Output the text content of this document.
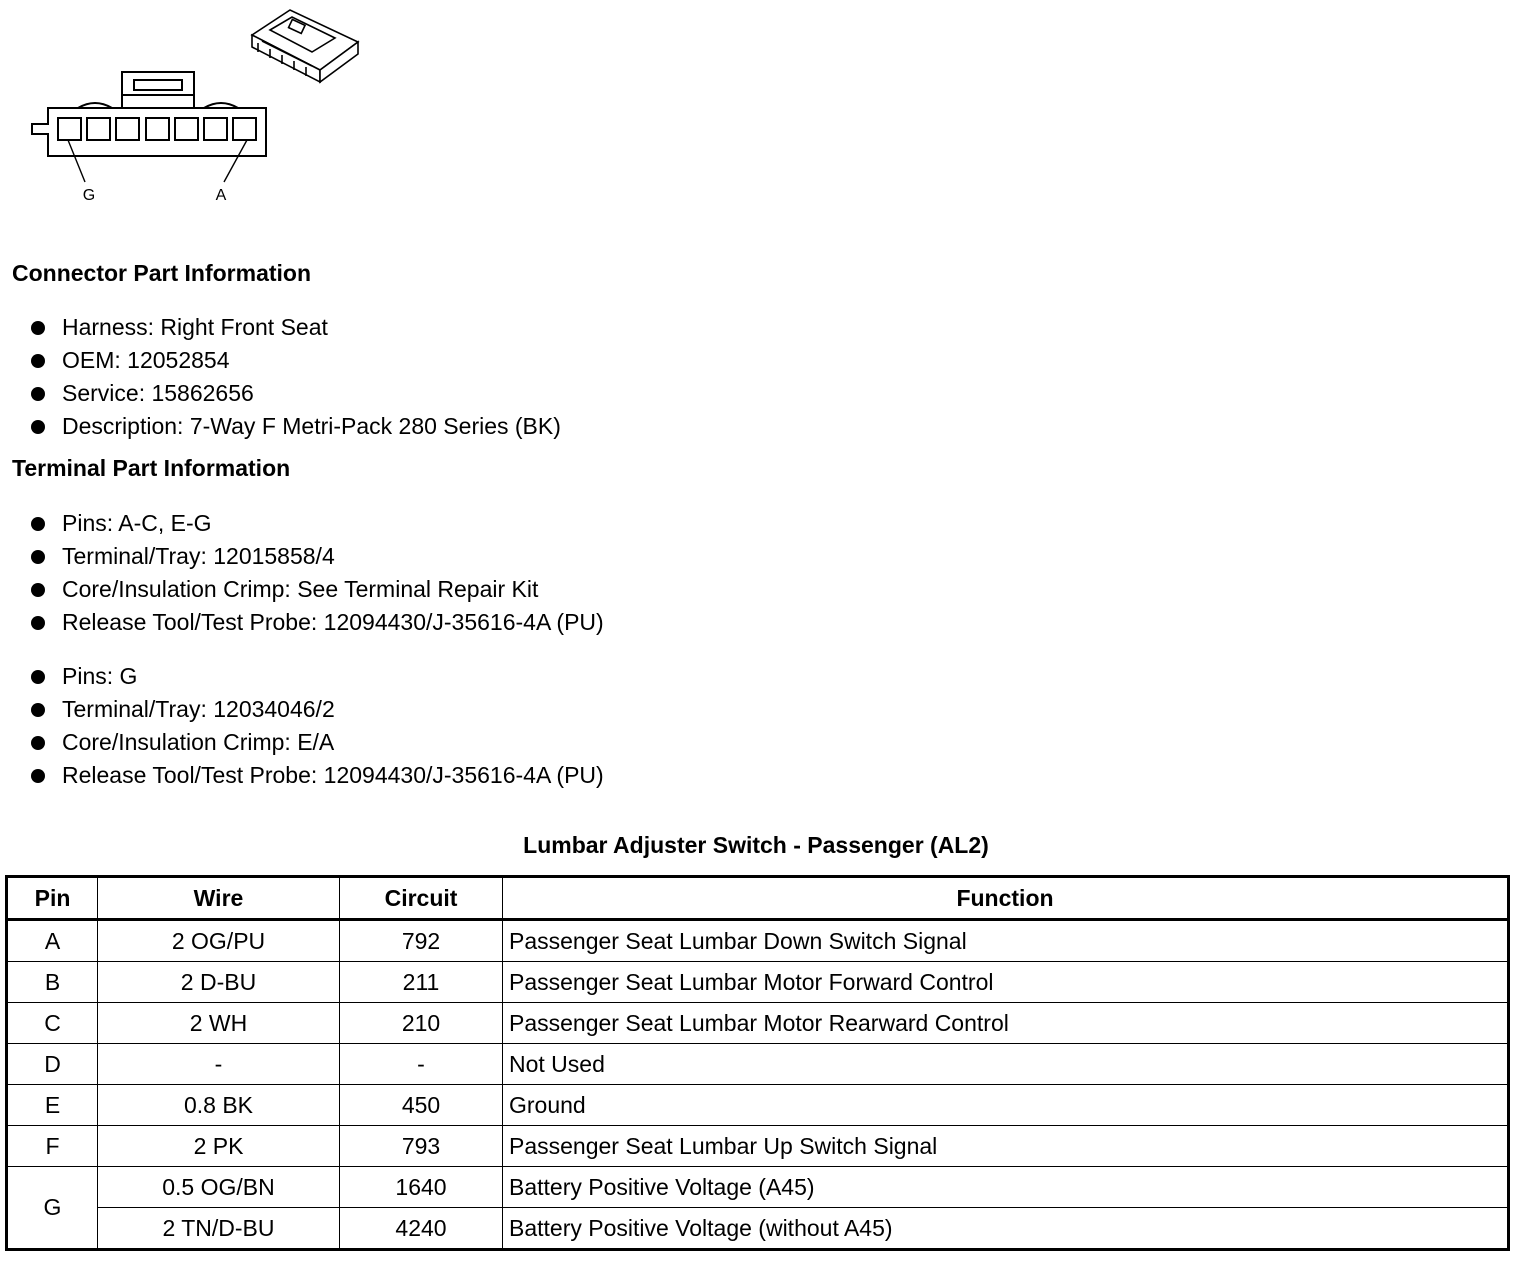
G	A
Connector Part Information
Harness: Right Front Seat
OEM: 12052854
Service: 15862656
Description: 7-Way F Metri-Pack 280 Series (BK)
Terminal Part Information
Pins: A-C, E-G
Terminal/Tray: 12015858/4
Core/Insulation Crimp: See Terminal Repair Kit
Release Tool/Test Probe: 12094430/J-35616-4A (PU)
Pins: G
Terminal/Tray: 12034046/2
Core/Insulation Crimp: E/A
Release Tool/Test Probe: 12094430/J-35616-4A (PU)
Lumbar Adjuster Switch - Passenger (AL2)
Pin	Wire	Circuit	Function
A	2 OG/PU	792	Passenger Seat Lumbar Down Switch Signal
B	2 D-BU	211	Passenger Seat Lumbar Motor Forward Control
C	2 WH	210	Passenger Seat Lumbar Motor Rearward Control
D	-	-	Not Used
E	0.8 BK	450	Ground
F	2 PK	793	Passenger Seat Lumbar Up Switch Signal
G	0.5 OG/BN	1640	Battery Positive Voltage (A45)
	2 TN/D-BU	4240	Battery Positive Voltage (without A45)
